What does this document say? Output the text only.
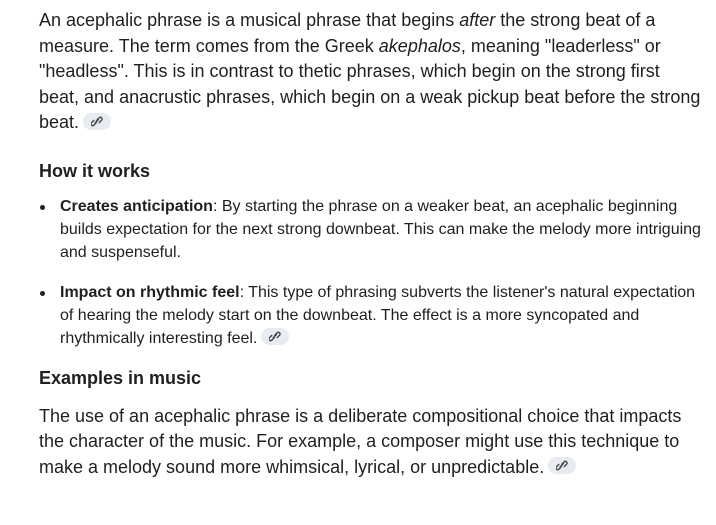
An acephalic phrase is a musical phrase that begins after the strong beat of a measure. The term comes from the Greek akephalos, meaning "leaderless" or "headless". This is in contrast to thetic phrases, which begin on the strong first beat, and anacrustic phrases, which begin on a weak pickup beat before the strong beat.

How it works
Creates anticipation: By starting the phrase on a weaker beat, an acephalic beginning builds expectation for the next strong downbeat. This can make the melody more intriguing and suspenseful.
Impact on rhythmic feel: This type of phrasing subverts the listener's natural expectation of hearing the melody start on the downbeat. The effect is a more syncopated and rhythmically interesting feel.
Examples in music

The use of an acephalic phrase is a deliberate compositional choice that impacts the character of the music. For example, a composer might use this technique to make a melody sound more whimsical, lyrical, or unpredictable.
